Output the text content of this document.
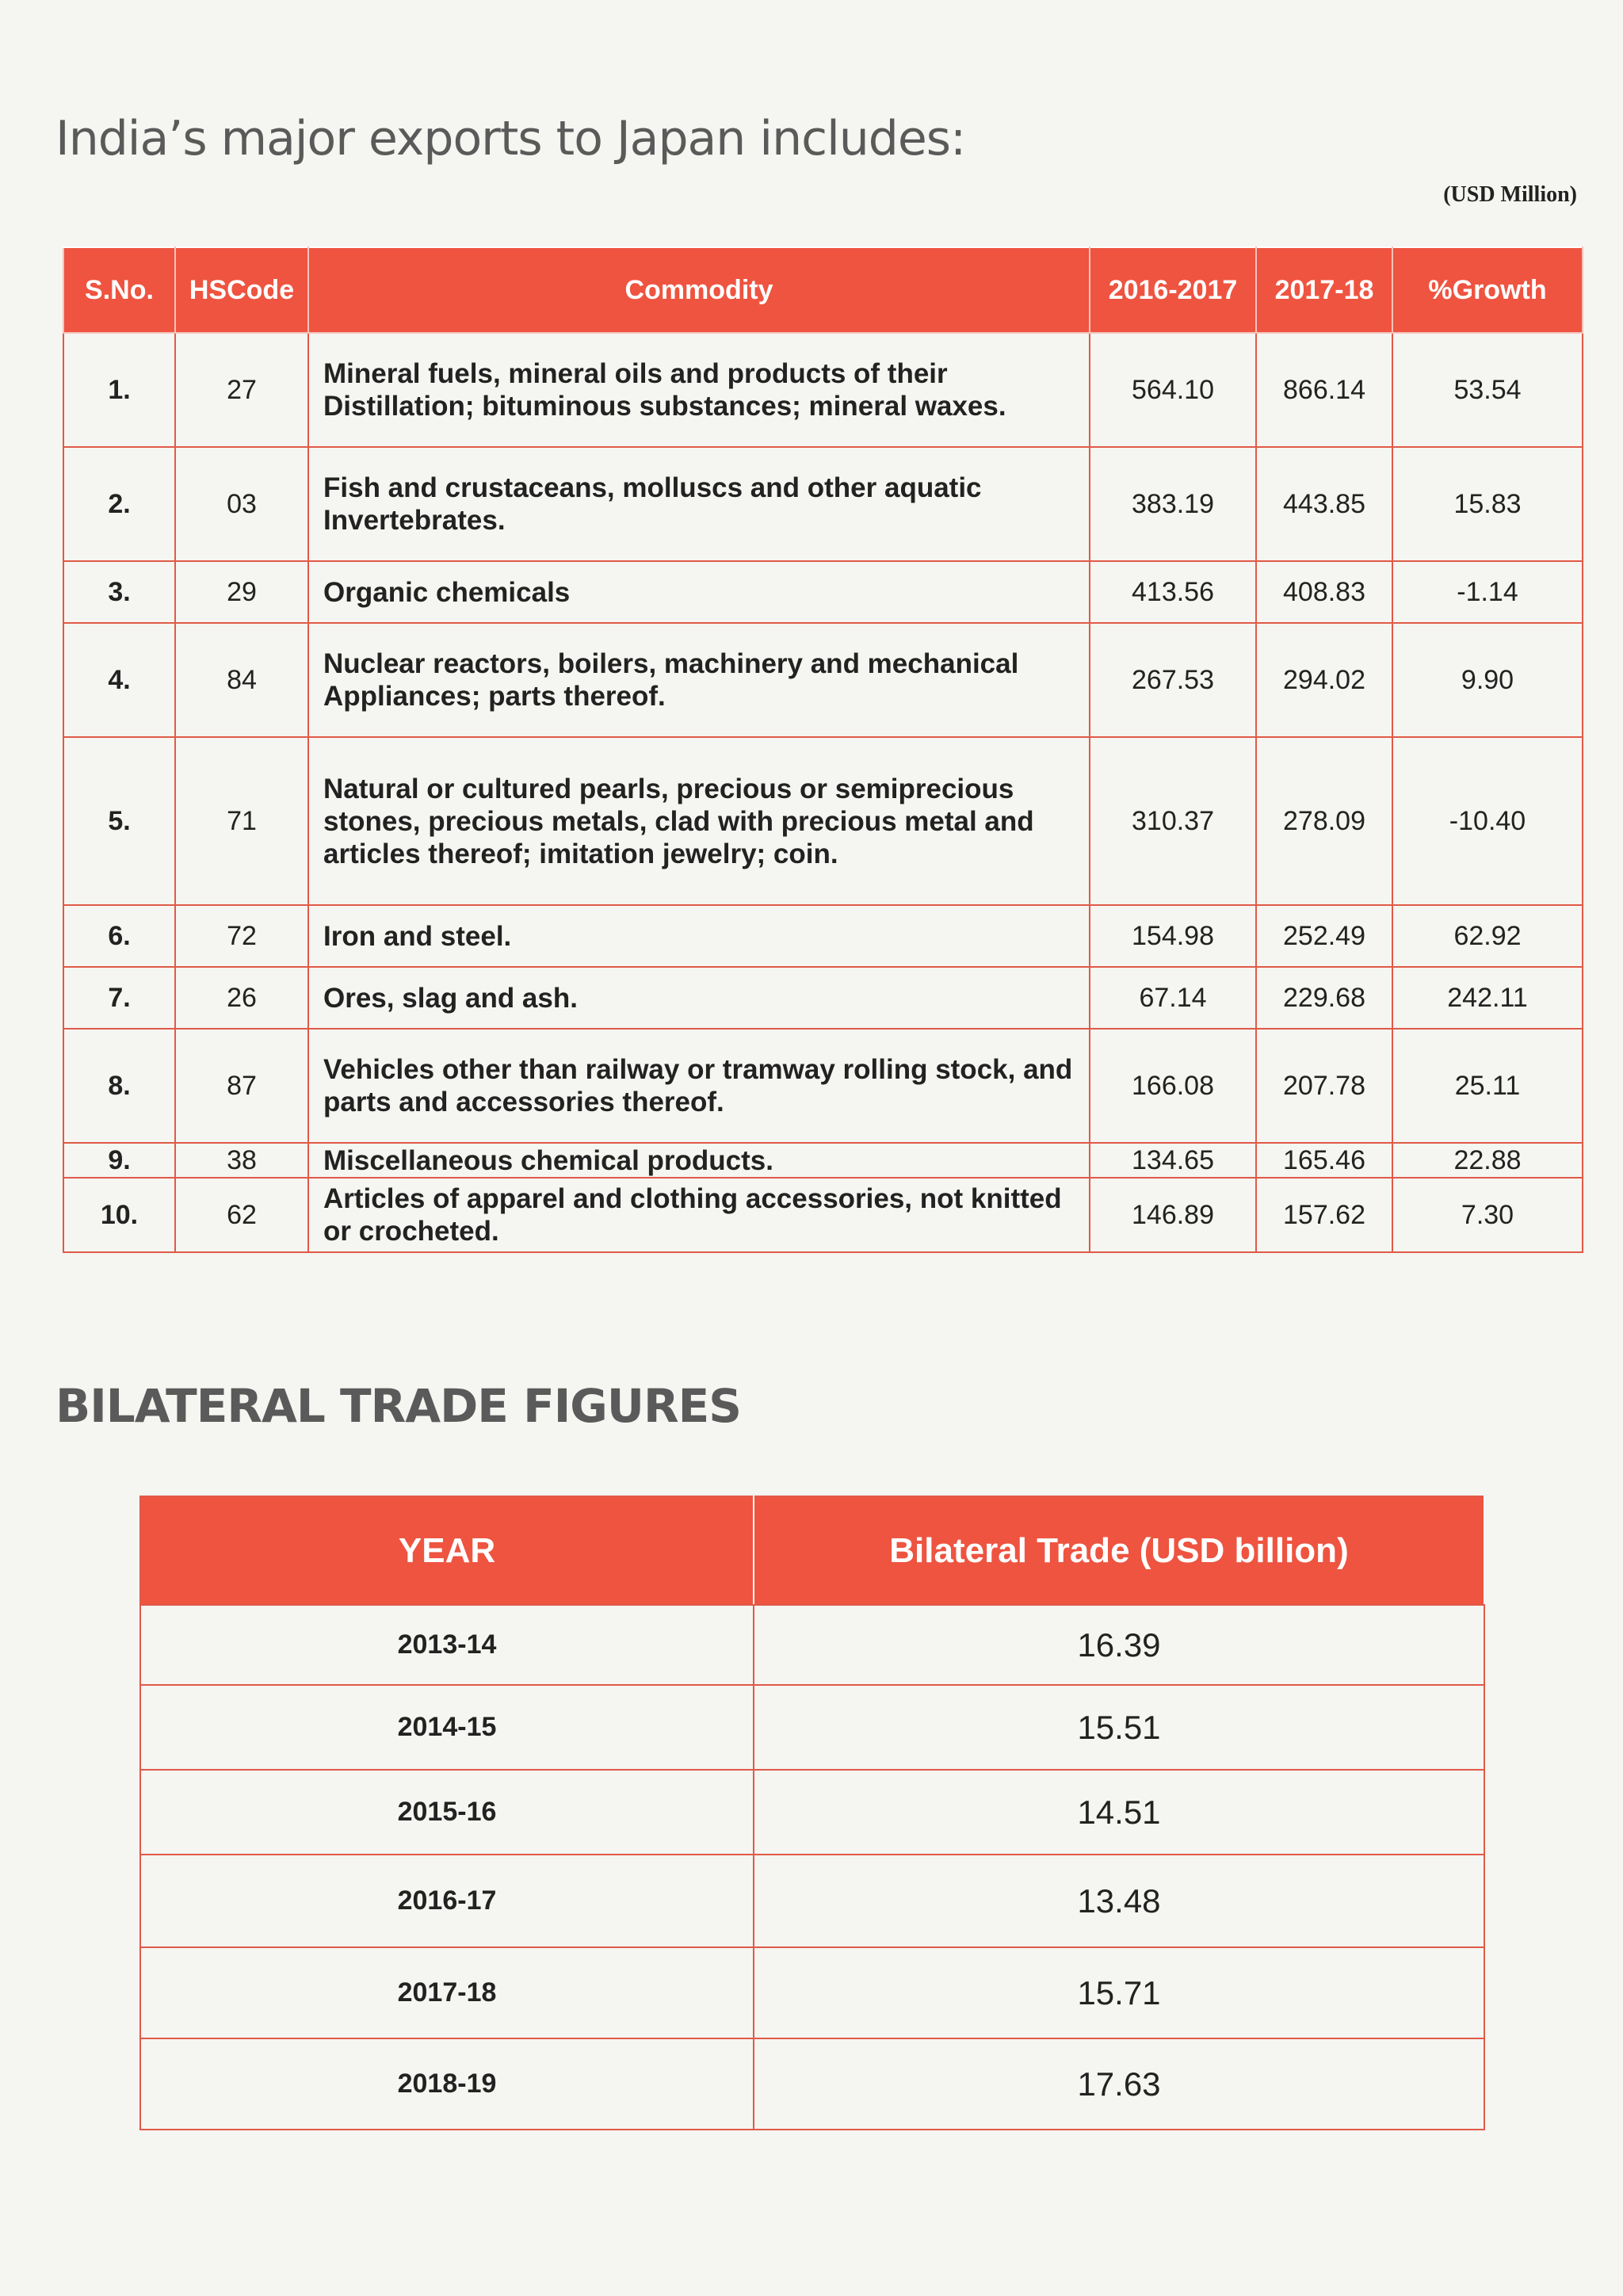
India’s major exports to Japan includes:
(USD Million)
S.No.	HSCode	Commodity	2016-2017	2017-18	%Growth
1.	27	Mineral fuels, mineral oils and products of their Distillation; bituminous substances; mineral waxes.	564.10	866.14	53.54
2.	03	Fish and crustaceans, molluscs and other aquatic Invertebrates.	383.19	443.85	15.83
3.	29	Organic chemicals	413.56	408.83	-1.14
4.	84	Nuclear reactors, boilers, machinery and mechanical Appliances; parts thereof.	267.53	294.02	9.90
5.	71	Natural or cultured pearls, precious or semiprecious stones, precious metals, clad with precious metal and articles thereof; imitation jewelry; coin.	310.37	278.09	-10.40
6.	72	Iron and steel.	154.98	252.49	62.92
7.	26	Ores, slag and ash.	67.14	229.68	242.11
8.	87	Vehicles other than railway or tramway rolling stock, and parts and accessories thereof.	166.08	207.78	25.11
9.	38	Miscellaneous chemical products.	134.65	165.46	22.88
10.	62	Articles of apparel and clothing accessories, not knitted or crocheted.	146.89	157.62	7.30
BILATERAL TRADE FIGURES
YEAR	Bilateral Trade (USD billion)
2013-14	16.39
2014-15	15.51
2015-16	14.51
2016-17	13.48
2017-18	15.71
2018-19	17.63
